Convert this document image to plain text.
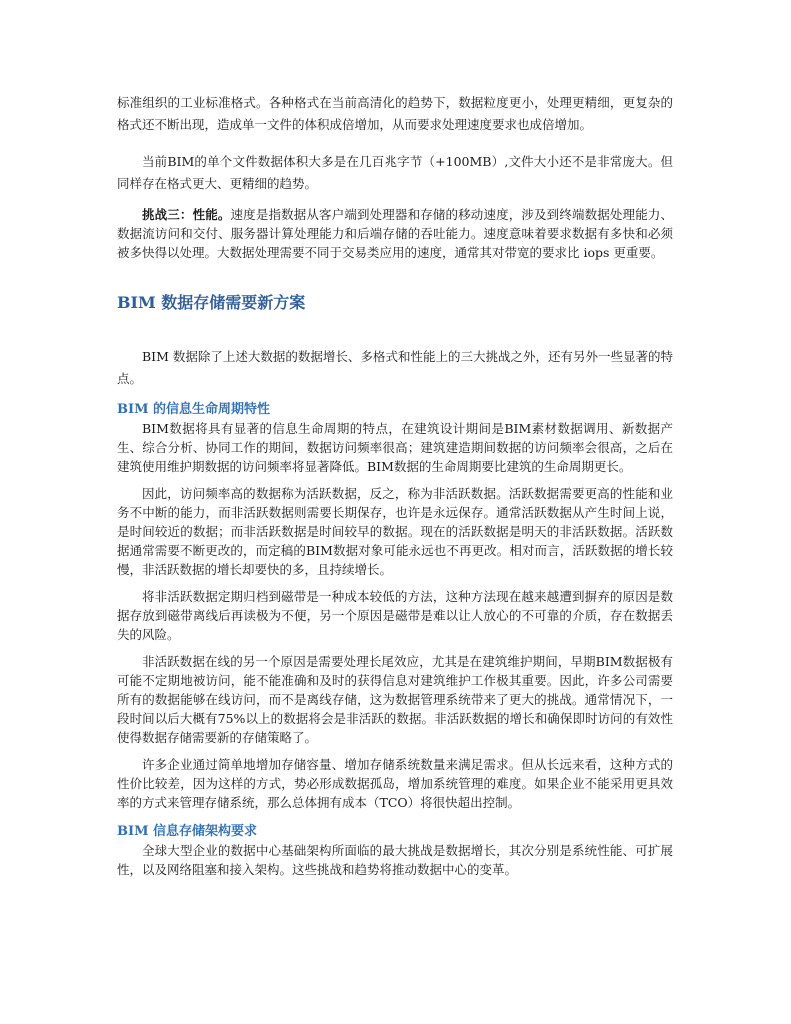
标准组织的工业标准格式。各种格式在当前高清化的趋势下，数据粒度更小，处理更精细，更复杂的格式还不断出现，造成单一文件的体积成倍增加，从而要求处理速度要求也成倍增加。

当前BIM的单个文件数据体积大多是在几百兆字节（+100MB）,文件大小还不是非常庞大。但同样存在格式更大、更精细的趋势。

挑战三：性能。速度是指数据从客户端到处理器和存储的移动速度，涉及到终端数据处理能力、数据流访问和交付、服务器计算处理能力和后端存储的吞吐能力。速度意味着要求数据有多快和必须被多快得以处理。大数据处理需要不同于交易类应用的速度，通常其对带宽的要求比 iops 更重要。

BIM 数据存储需要新方案

BIM 数据除了上述大数据的数据增长、多格式和性能上的三大挑战之外，还有另外一些显著的特点。

BIM 的信息生命周期特性

BIM数据将具有显著的信息生命周期的特点，在建筑设计期间是BIM素材数据调用、新数据产生、综合分析、协同工作的期间，数据访问频率很高；建筑建造期间数据的访问频率会很高，之后在建筑使用维护期数据的访问频率将显著降低。BIM数据的生命周期要比建筑的生命周期更长。

因此，访问频率高的数据称为活跃数据，反之，称为非活跃数据。活跃数据需要更高的性能和业务不中断的能力，而非活跃数据则需要长期保存，也许是永远保存。通常活跃数据从产生时间上说，是时间较近的数据；而非活跃数据是时间较早的数据。现在的活跃数据是明天的非活跃数据。活跃数据通常需要不断更改的，而定稿的BIM数据对象可能永远也不再更改。相对而言，活跃数据的增长较慢，非活跃数据的增长却要快的多，且持续增长。

将非活跃数据定期归档到磁带是一种成本较低的方法，这种方法现在越来越遭到摒弃的原因是数据存放到磁带离线后再读极为不便，另一个原因是磁带是难以让人放心的不可靠的介质，存在数据丢失的风险。

非活跃数据在线的另一个原因是需要处理长尾效应，尤其是在建筑维护期间，早期BIM数据极有可能不定期地被访问，能不能准确和及时的获得信息对建筑维护工作极其重要。因此，许多公司需要所有的数据能够在线访问，而不是离线存储，这为数据管理系统带来了更大的挑战。通常情况下，一段时间以后大概有75%以上的数据将会是非活跃的数据。非活跃数据的增长和确保即时访问的有效性使得数据存储需要新的存储策略了。

许多企业通过简单地增加存储容量、增加存储系统数量来满足需求。但从长远来看，这种方式的性价比较差，因为这样的方式，势必形成数据孤岛，增加系统管理的难度。如果企业不能采用更具效率的方式来管理存储系统，那么总体拥有成本（TCO）将很快超出控制。

BIM 信息存储架构要求

全球大型企业的数据中心基础架构所面临的最大挑战是数据增长，其次分别是系统性能、可扩展性，以及网络阻塞和接入架构。这些挑战和趋势将推动数据中心的变革。
